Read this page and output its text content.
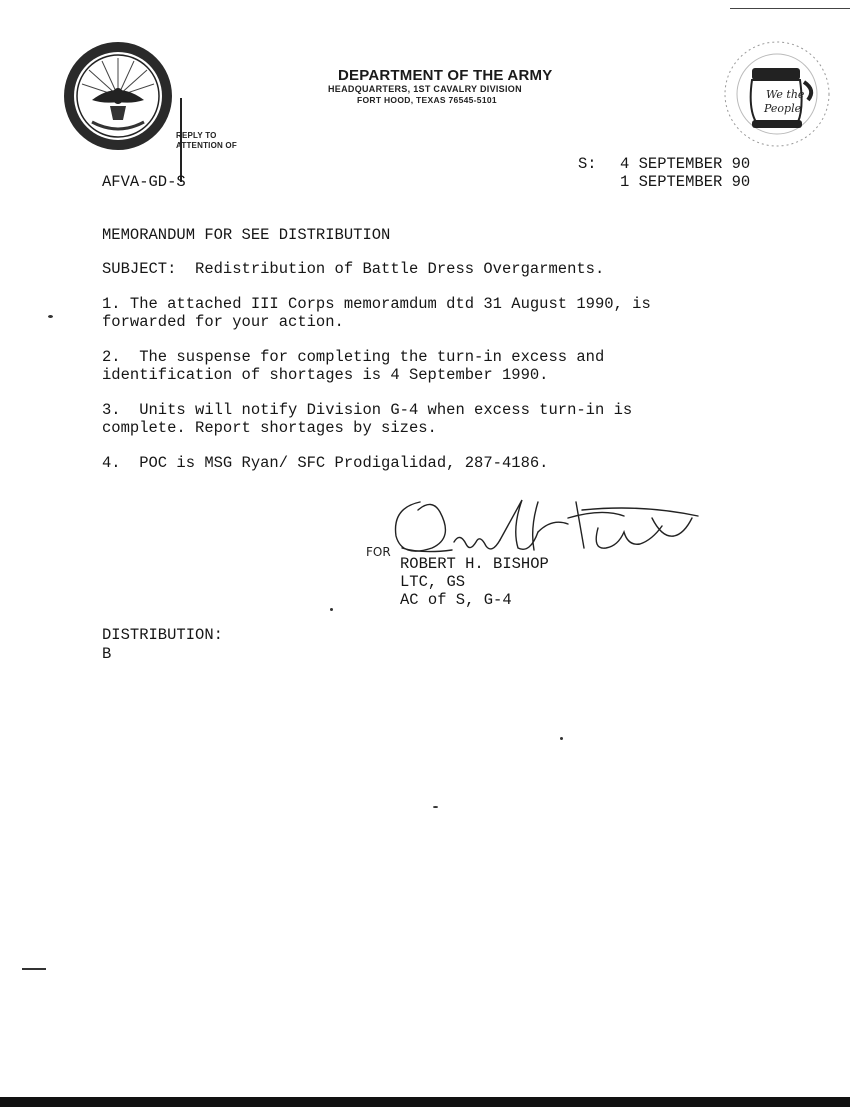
DEPARTMENT OF THE ARMY
HEADQUARTERS, 1ST CAVALRY DIVISION
FORT HOOD, TEXAS 76545-5101
REPLY TO
ATTENTION OF
We the
People
AFVA-GD-S
S: 4 SEPTEMBER 90
1 SEPTEMBER 90
MEMORANDUM FOR SEE DISTRIBUTION
SUBJECT:  Redistribution of Battle Dress Overgarments.
1. The attached III Corps memoramdum dtd 31 August 1990, is
forwarded for your action.
2.  The suspense for completing the turn-in excess and
identification of shortages is 4 September 1990.
3.  Units will notify Division G-4 when excess turn-in is
complete. Report shortages by sizes.
4.  POC is MSG Ryan/ SFC Prodigalidad, 287-4186.
FOR
ROBERT H. BISHOP
LTC, GS
AC of S, G-4
DISTRIBUTION:
B
